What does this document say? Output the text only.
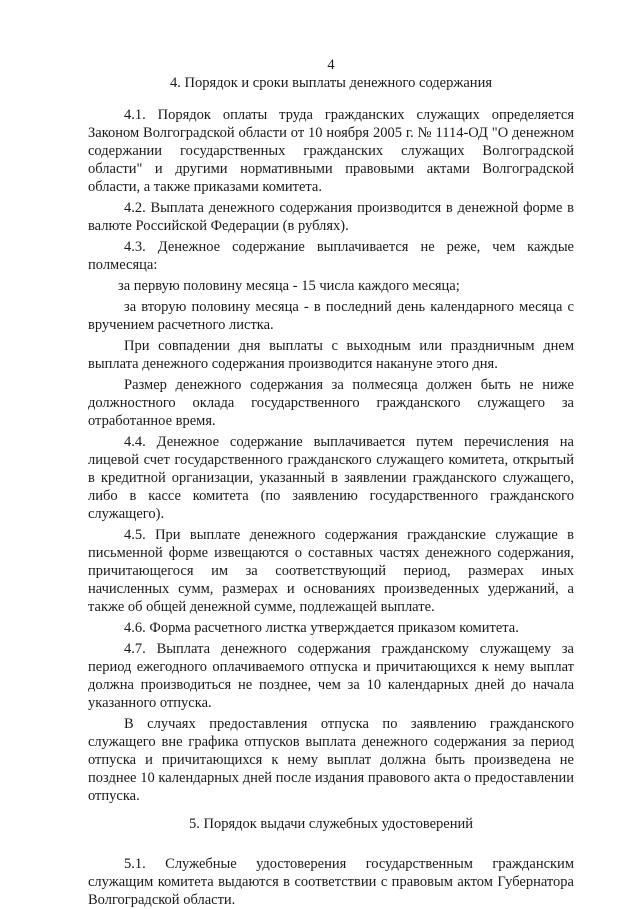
4
4. Порядок и сроки выплаты денежного содержания

4.1. Порядок оплаты труда гражданских служащих определяется Законом Волгоградской области от 10 ноября 2005 г. № 1114-ОД "О денежном содержании государственных гражданских служащих Волгоградской области" и другими нормативными правовыми актами Волгоградской области, а также приказами комитета.

4.2. Выплата денежного содержания производится в денежной форме в валюте Российской Федерации (в рублях).

4.3. Денежное содержание выплачивается не реже, чем каждые полмесяца:

за первую половину месяца - 15 числа каждого месяца;

за вторую половину месяца - в последний день календарного месяца с вручением расчетного листка.

При совпадении дня выплаты с выходным или праздничным днем выплата денежного содержания производится накануне этого дня.

Размер денежного содержания за полмесяца должен быть не ниже должностного оклада государственного гражданского служащего за отработанное время.

4.4. Денежное содержание выплачивается путем перечисления на лицевой счет государственного гражданского служащего комитета, открытый в кредитной организации, указанный в заявлении гражданского служащего, либо в кассе комитета (по заявлению государственного гражданского служащего).

4.5. При выплате денежного содержания гражданские служащие в письменной форме извещаются о составных частях денежного содержания, причитающегося им за соответствующий период, размерах иных начисленных сумм, размерах и основаниях произведенных удержаний, а также об общей денежной сумме, подлежащей выплате.

4.6. Форма расчетного листка утверждается приказом комитета.

4.7. Выплата денежного содержания гражданскому служащему за период ежегодного оплачиваемого отпуска и причитающихся к нему выплат должна производиться не позднее, чем за 10 календарных дней до начала указанного отпуска.

В случаях предоставления отпуска по заявлению гражданского служащего вне графика отпусков выплата денежного содержания за период отпуска и причитающихся к нему выплат должна быть произведена не позднее 10 календарных дней после издания правового акта о предоставлении отпуска.

5. Порядок выдачи служебных удостоверений

5.1. Служебные удостоверения государственным гражданским служащим комитета выдаются в соответствии с правовым актом Губернатора Волгоградской области.
